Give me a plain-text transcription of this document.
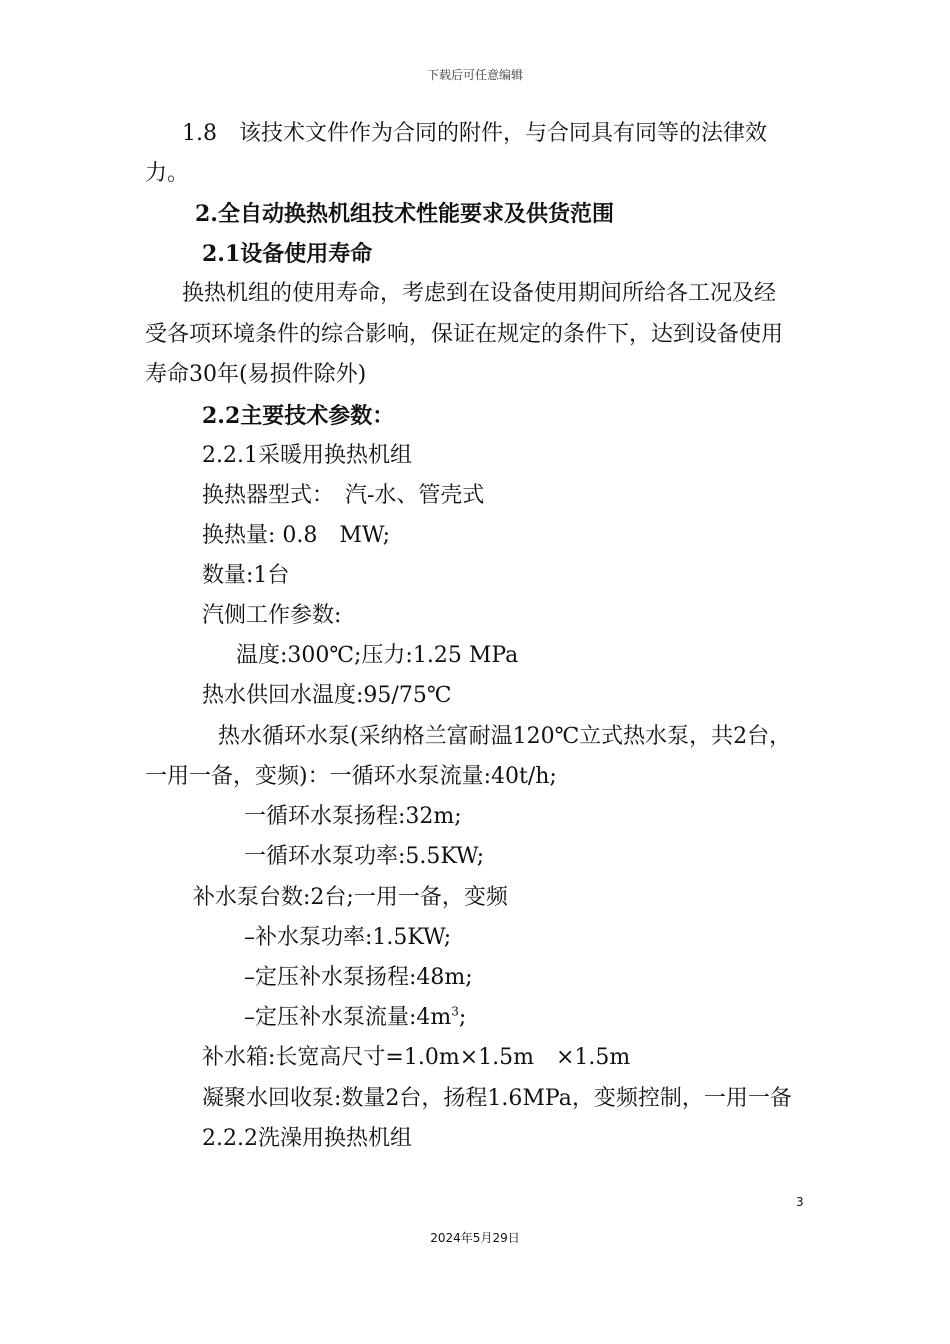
下载后可任意编辑
1.8　该技术文件作为合同的附件，与合同具有同等的法律效
力。
2.全自动换热机组技术性能要求及供货范围
2.1设备使用寿命
换热机组的使用寿命，考虑到在设备使用期间所给各工况及经
受各项环境条件的综合影响，保证在规定的条件下，达到设备使用
寿命30年(易损件除外)
2.2主要技术参数：
2.2.1采暖用换热机组
换热器型式：　汽-水、管壳式
换热量: 0.8　MW;
数量:1台
汽侧工作参数:
温度:300℃;压力:1.25 MPa
热水供回水温度:95/75℃
热水循环水泵(采纳格兰富耐温120℃立式热水泵，共2台，
一用一备，变频)：一循环水泵流量:40t/h;
一循环水泵扬程:32m;
一循环水泵功率:5.5KW;
补水泵台数:2台;一用一备，变频
–补水泵功率:1.5KW;
–定压补水泵扬程:48m;
–定压补水泵流量$:4m^3$;
补水箱:长宽高尺寸=1.0m×1.5m　×1.5m
凝聚水回收泵:数量2台，扬程1.6MPa，变频控制，一用一备
2.2.2洗澡用换热机组
3
2024年5月29日
